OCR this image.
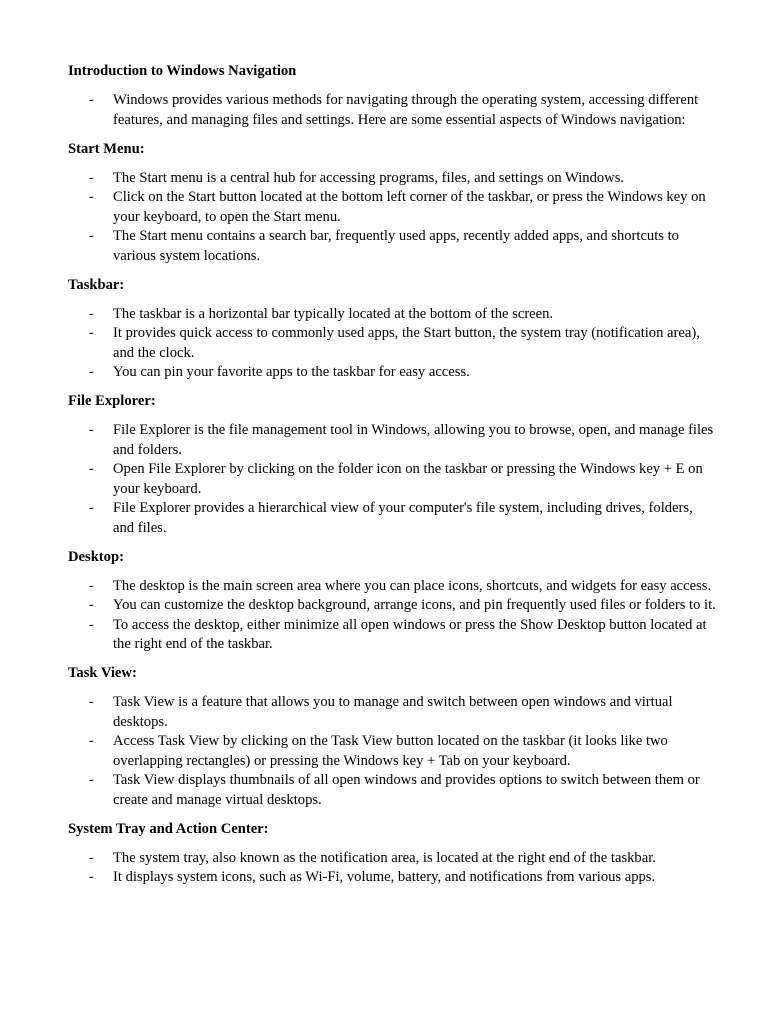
Introduction to Windows Navigation
- Windows provides various methods for navigating through the operating system, accessing different features, and managing files and settings. Here are some essential aspects of Windows navigation:
Start Menu:
- The Start menu is a central hub for accessing programs, files, and settings on Windows.
- Click on the Start button located at the bottom left corner of the taskbar, or press the Windows key on your keyboard, to open the Start menu.
- The Start menu contains a search bar, frequently used apps, recently added apps, and shortcuts to various system locations.
Taskbar:
- The taskbar is a horizontal bar typically located at the bottom of the screen.
- It provides quick access to commonly used apps, the Start button, the system tray (notification area), and the clock.
- You can pin your favorite apps to the taskbar for easy access.
File Explorer:
- File Explorer is the file management tool in Windows, allowing you to browse, open, and manage files and folders.
- Open File Explorer by clicking on the folder icon on the taskbar or pressing the Windows key + E on your keyboard.
- File Explorer provides a hierarchical view of your computer's file system, including drives, folders, and files.
Desktop:
- The desktop is the main screen area where you can place icons, shortcuts, and widgets for easy access.
- You can customize the desktop background, arrange icons, and pin frequently used files or folders to it.
- To access the desktop, either minimize all open windows or press the Show Desktop button located at the right end of the taskbar.
Task View:
- Task View is a feature that allows you to manage and switch between open windows and virtual desktops.
- Access Task View by clicking on the Task View button located on the taskbar (it looks like two overlapping rectangles) or pressing the Windows key + Tab on your keyboard.
- Task View displays thumbnails of all open windows and provides options to switch between them or create and manage virtual desktops.
System Tray and Action Center:
- The system tray, also known as the notification area, is located at the right end of the taskbar.
- It displays system icons, such as Wi-Fi, volume, battery, and notifications from various apps.
